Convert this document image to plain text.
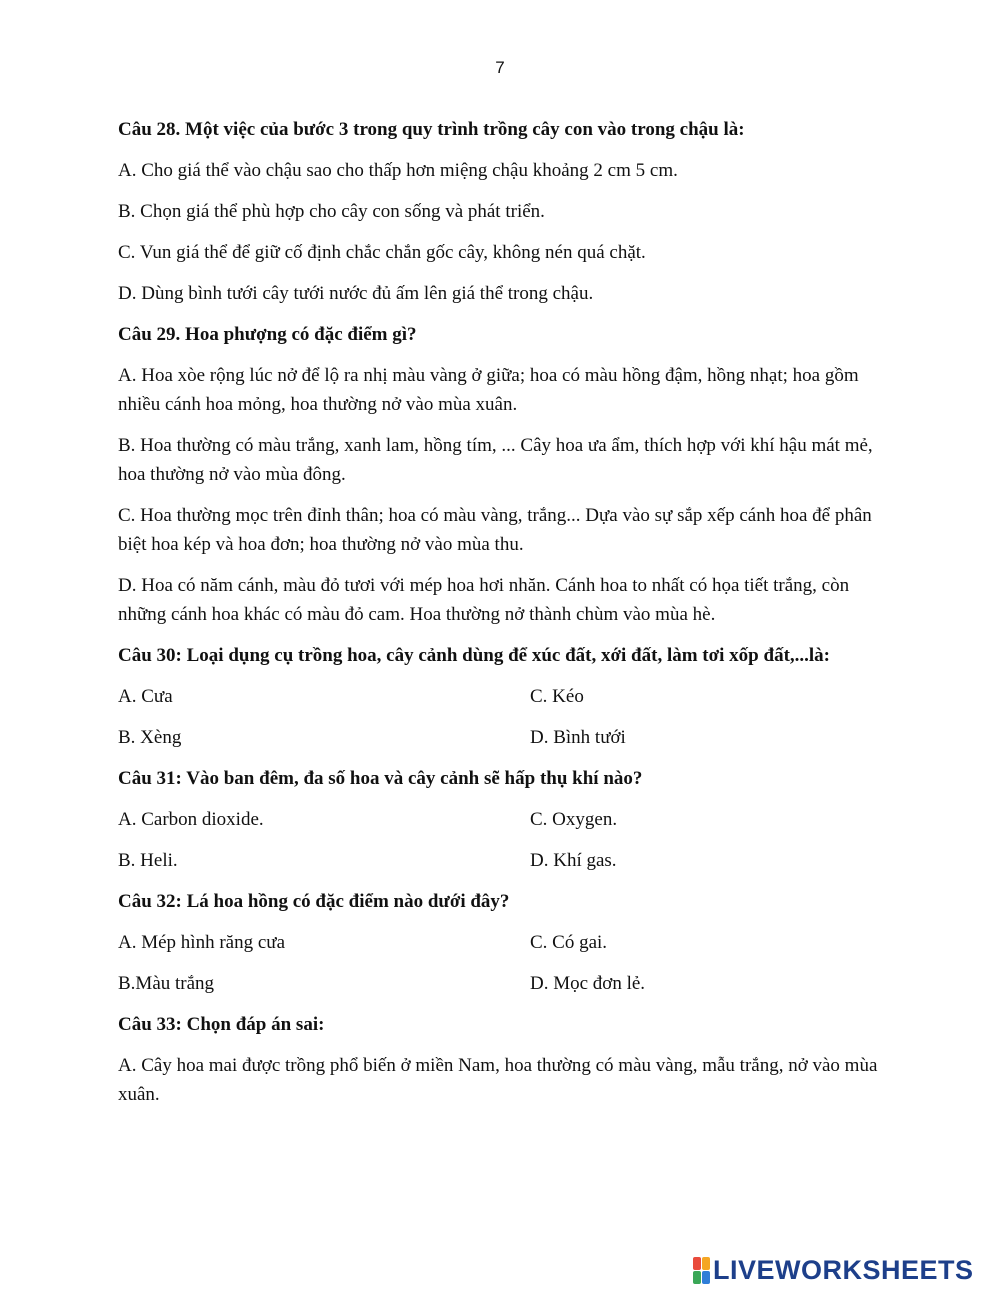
7

Câu 28. Một việc của bước 3 trong quy trình trồng cây con vào trong chậu là:

A. Cho giá thể vào chậu sao cho thấp hơn miệng chậu khoảng 2 cm 5 cm.

B. Chọn giá thể phù hợp cho cây con sống và phát triển.

C. Vun giá thể để giữ cố định chắc chắn gốc cây, không nén quá chặt.

D. Dùng bình tưới cây tưới nước đủ ấm lên giá thể trong chậu.

Câu 29. Hoa phượng có đặc điểm gì?

A. Hoa xòe rộng lúc nở để lộ ra nhị màu vàng ở giữa; hoa có màu hồng đậm, hồng nhạt; hoa gồm nhiều cánh hoa mỏng, hoa thường nở vào mùa xuân.

B. Hoa thường có màu trắng, xanh lam, hồng tím, ... Cây hoa ưa ẩm, thích hợp với khí hậu mát mẻ, hoa thường nở vào mùa đông.

C. Hoa thường mọc trên đỉnh thân; hoa có màu vàng, trắng... Dựa vào sự sắp xếp cánh hoa để phân biệt hoa kép và hoa đơn; hoa thường nở vào mùa thu.

D. Hoa có năm cánh, màu đỏ tươi với mép hoa hơi nhăn. Cánh hoa to nhất có họa tiết trắng, còn những cánh hoa khác có màu đỏ cam. Hoa thường nở thành chùm vào mùa hè.

Câu 30: Loại dụng cụ trồng hoa, cây cảnh dùng để xúc đất, xới đất, làm tơi xốp đất,...là:

A. Cưa	C. Kéo
B. Xèng	D. Bình tưới

Câu 31: Vào ban đêm, đa số hoa và cây cảnh sẽ hấp thụ khí nào?

A. Carbon dioxide.	C. Oxygen.
B. Heli.	D. Khí gas.

Câu 32: Lá hoa hồng có đặc điểm nào dưới đây?

A. Mép hình răng cưa	C. Có gai.
B.Màu trắng	D. Mọc đơn lẻ.

Câu 33: Chọn đáp án sai:

A. Cây hoa mai được trồng phổ biến ở miền Nam, hoa thường có màu vàng, mẫu trắng, nở vào mùa xuân.

LIVEWORKSHEETS
